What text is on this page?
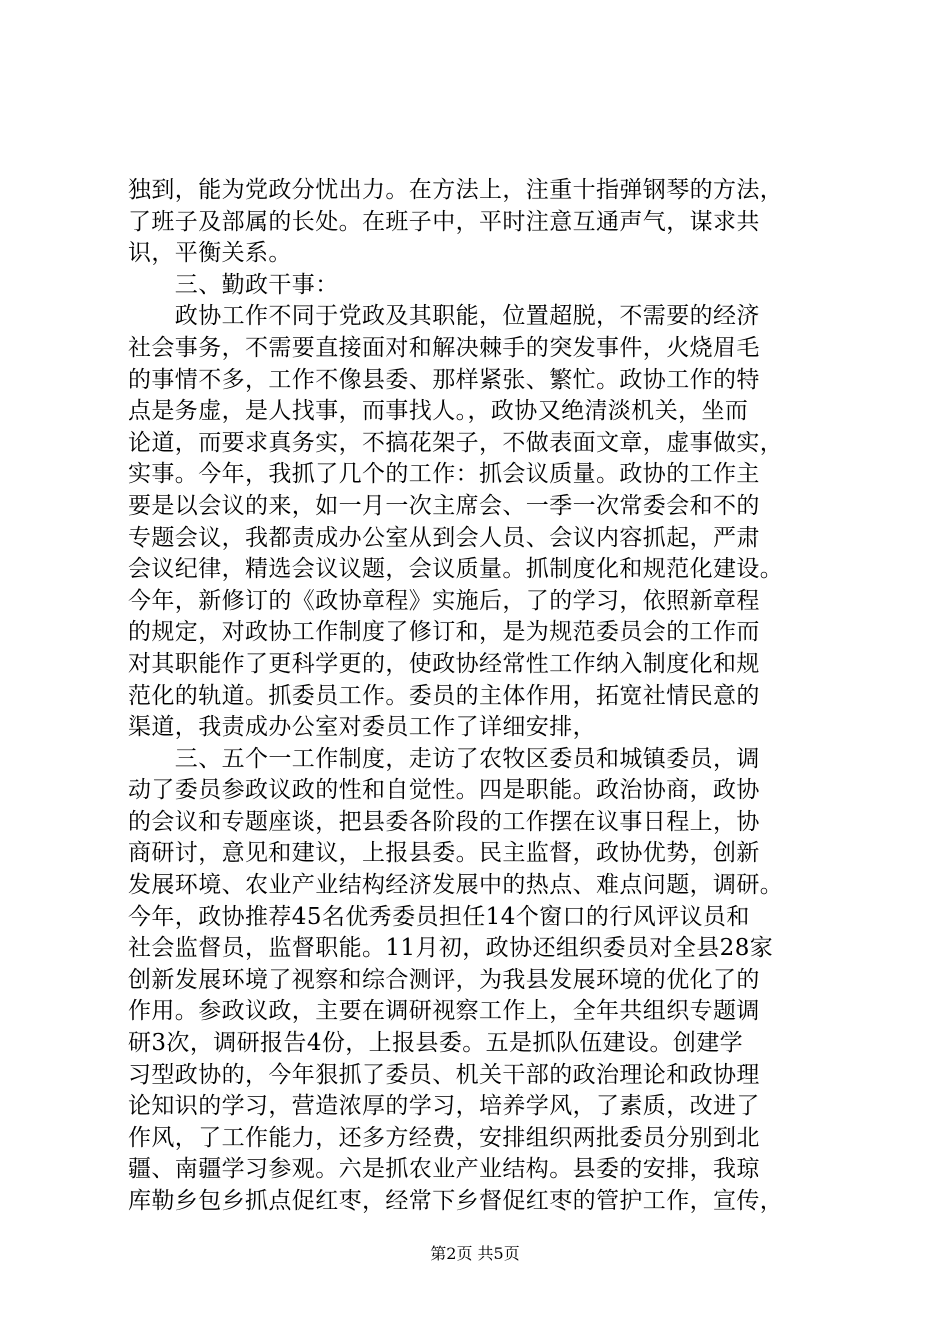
独到，能为党政分忧出力。在方法上，注重十指弹钢琴的方法，
了班子及部属的长处。在班子中，平时注意互通声气，谋求共
识，平衡关系。
　　三、勤政干事：
　　政协工作不同于党政及其职能，位置超脱，不需要的经济
社会事务，不需要直接面对和解决棘手的突发事件，火烧眉毛
的事情不多，工作不像县委、那样紧张、繁忙。政协工作的特
点是务虚，是人找事，而事找人。，政协又绝清淡机关，坐而
论道，而要求真务实，不搞花架子，不做表面文章，虚事做实，
实事。今年，我抓了几个的工作：抓会议质量。政协的工作主
要是以会议的来，如一月一次主席会、一季一次常委会和不的
专题会议，我都责成办公室从到会人员、会议内容抓起，严肃
会议纪律，精选会议议题，会议质量。抓制度化和规范化建设。
今年，新修订的《政协章程》实施后，了的学习，依照新章程
的规定，对政协工作制度了修订和，是为规范委员会的工作而
对其职能作了更科学更的，使政协经常性工作纳入制度化和规
范化的轨道。抓委员工作。委员的主体作用，拓宽社情民意的
渠道，我责成办公室对委员工作了详细安排，
　　三、五个一工作制度，走访了农牧区委员和城镇委员，调
动了委员参政议政的性和自觉性。四是职能。政治协商，政协
的会议和专题座谈，把县委各阶段的工作摆在议事日程上，协
商研讨，意见和建议，上报县委。民主监督，政协优势，创新
发展环境、农业产业结构经济发展中的热点、难点问题，调研。
今年，政协推荐45名优秀委员担任14个窗口的行风评议员和
社会监督员，监督职能。11月初，政协还组织委员对全县28家
创新发展环境了视察和综合测评，为我县发展环境的优化了的
作用。参政议政，主要在调研视察工作上，全年共组织专题调
研3次，调研报告4份，上报县委。五是抓队伍建设。创建学
习型政协的，今年狠抓了委员、机关干部的政治理论和政协理
论知识的学习，营造浓厚的学习，培养学风，了素质，改进了
作风，了工作能力，还多方经费，安排组织两批委员分别到北
疆、南疆学习参观。六是抓农业产业结构。县委的安排，我琼
库勒乡包乡抓点促红枣，经常下乡督促红枣的管护工作，宣传，
第2页 共5页
